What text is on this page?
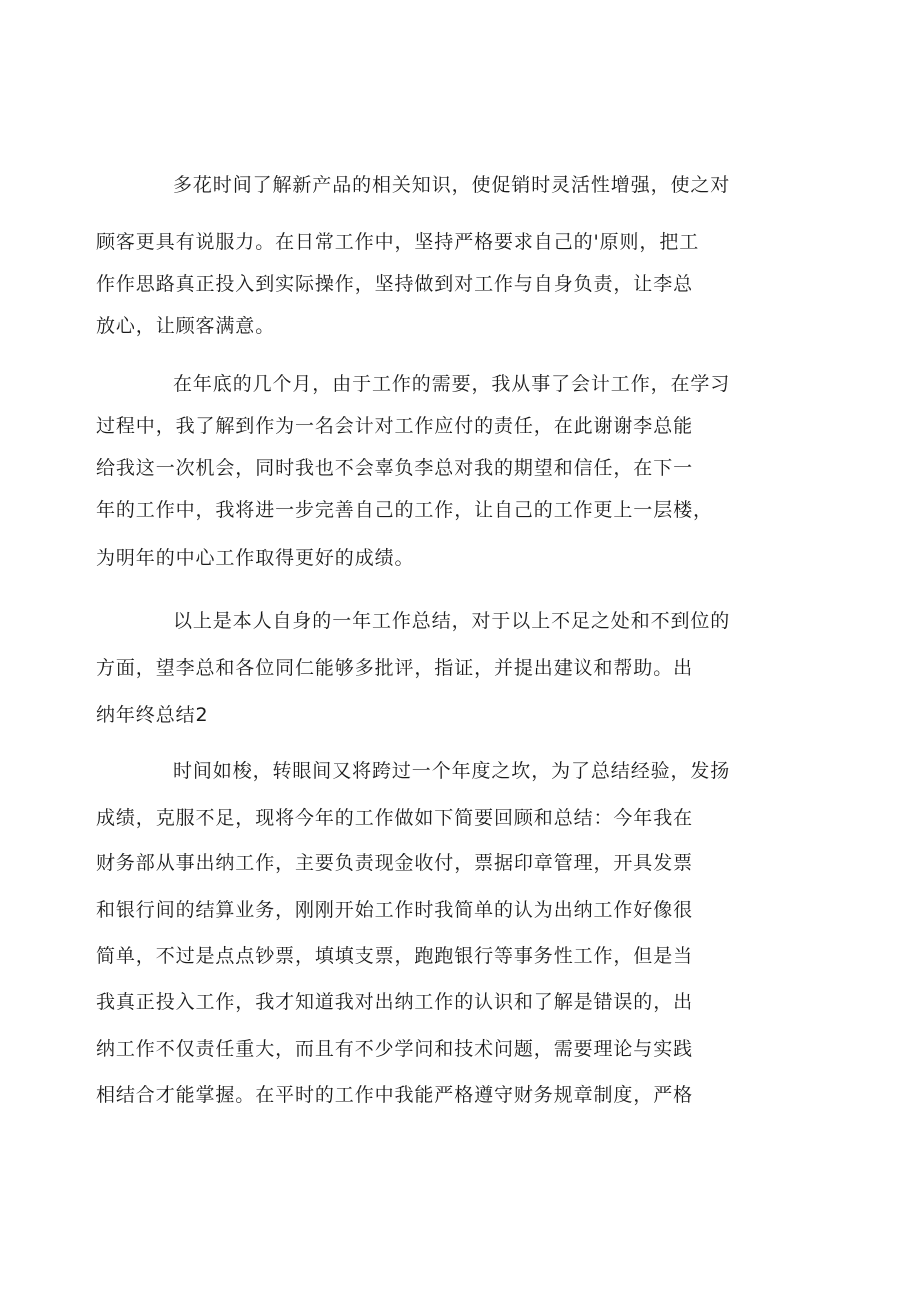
多花时间了解新产品的相关知识，使促销时灵活性增强，使之对
顾客更具有说服力。在日常工作中，坚持严格要求自己的'原则，把工
作作思路真正投入到实际操作，坚持做到对工作与自身负责，让李总
放心，让顾客满意。
在年底的几个月，由于工作的需要，我从事了会计工作，在学习
过程中，我了解到作为一名会计对工作应付的责任，在此谢谢李总能
给我这一次机会，同时我也不会辜负李总对我的期望和信任，在下一
年的工作中，我将进一步完善自己的工作，让自己的工作更上一层楼，
为明年的中心工作取得更好的成绩。
以上是本人自身的一年工作总结，对于以上不足之处和不到位的
方面，望李总和各位同仁能够多批评，指证，并提出建议和帮助。出
纳年终总结2
时间如梭，转眼间又将跨过一个年度之坎，为了总结经验，发扬
成绩，克服不足，现将今年的工作做如下简要回顾和总结：今年我在
财务部从事出纳工作，主要负责现金收付，票据印章管理，开具发票
和银行间的结算业务，刚刚开始工作时我简单的认为出纳工作好像很
简单，不过是点点钞票，填填支票，跑跑银行等事务性工作，但是当
我真正投入工作，我才知道我对出纳工作的认识和了解是错误的，出
纳工作不仅责任重大，而且有不少学问和技术问题，需要理论与实践
相结合才能掌握。在平时的工作中我能严格遵守财务规章制度，严格
